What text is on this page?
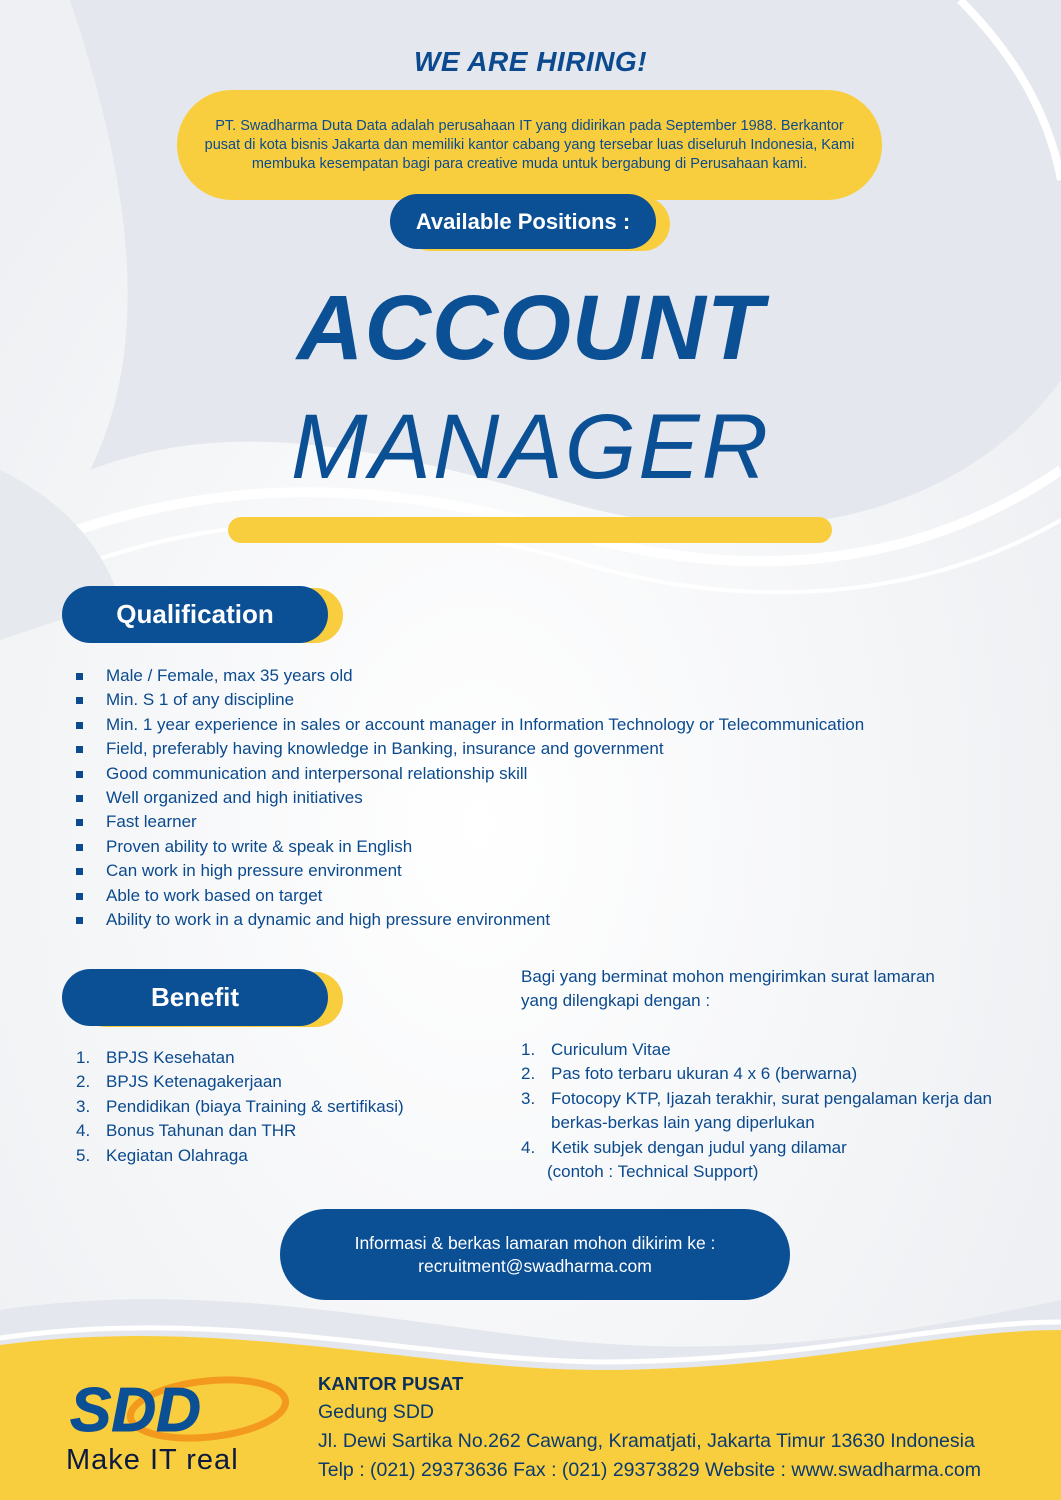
WE ARE HIRING!
PT. Swadharma Duta Data adalah perusahaan IT yang didirikan pada September 1988. Berkantor pusat di kota bisnis Jakarta dan memiliki kantor cabang yang tersebar luas diseluruh Indonesia, Kami membuka kesempatan bagi para creative muda untuk bergabung di Perusahaan kami.
Available Positions :
ACCOUNT
MANAGER
Qualification
Male / Female, max 35 years old
Min. S 1 of any discipline
Min. 1 year experience in sales or account manager in Information Technology or Telecommunication
Field, preferably having knowledge in Banking, insurance and government
Good communication and interpersonal relationship skill
Well organized and high initiatives
Fast learner
Proven ability to write & speak in English
Can work in high pressure environment
Able to work based on target
Ability to work in a dynamic and high pressure environment
Benefit
1. BPJS Kesehatan
2. BPJS Ketenagakerjaan
3. Pendidikan (biaya Training & sertifikasi)
4. Bonus Tahunan dan THR
5. Kegiatan Olahraga
Bagi yang berminat mohon mengirimkan surat lamaran
yang dilengkapi dengan :
1. Curiculum Vitae
2. Pas foto terbaru ukuran 4 x 6 (berwarna)
3. Fotocopy KTP, Ijazah terakhir, surat pengalaman kerja dan berkas-berkas lain yang diperlukan
4. Ketik subjek dengan judul yang dilamar
(contoh : Technical Support)
Informasi & berkas lamaran mohon dikirim ke :
recruitment@swadharma.com
SDD
Make IT real
KANTOR PUSAT
Gedung SDD
Jl. Dewi Sartika No.262 Cawang, Kramatjati, Jakarta Timur 13630 Indonesia
Telp : (021) 29373636 Fax : (021) 29373829 Website : www.swadharma.com
